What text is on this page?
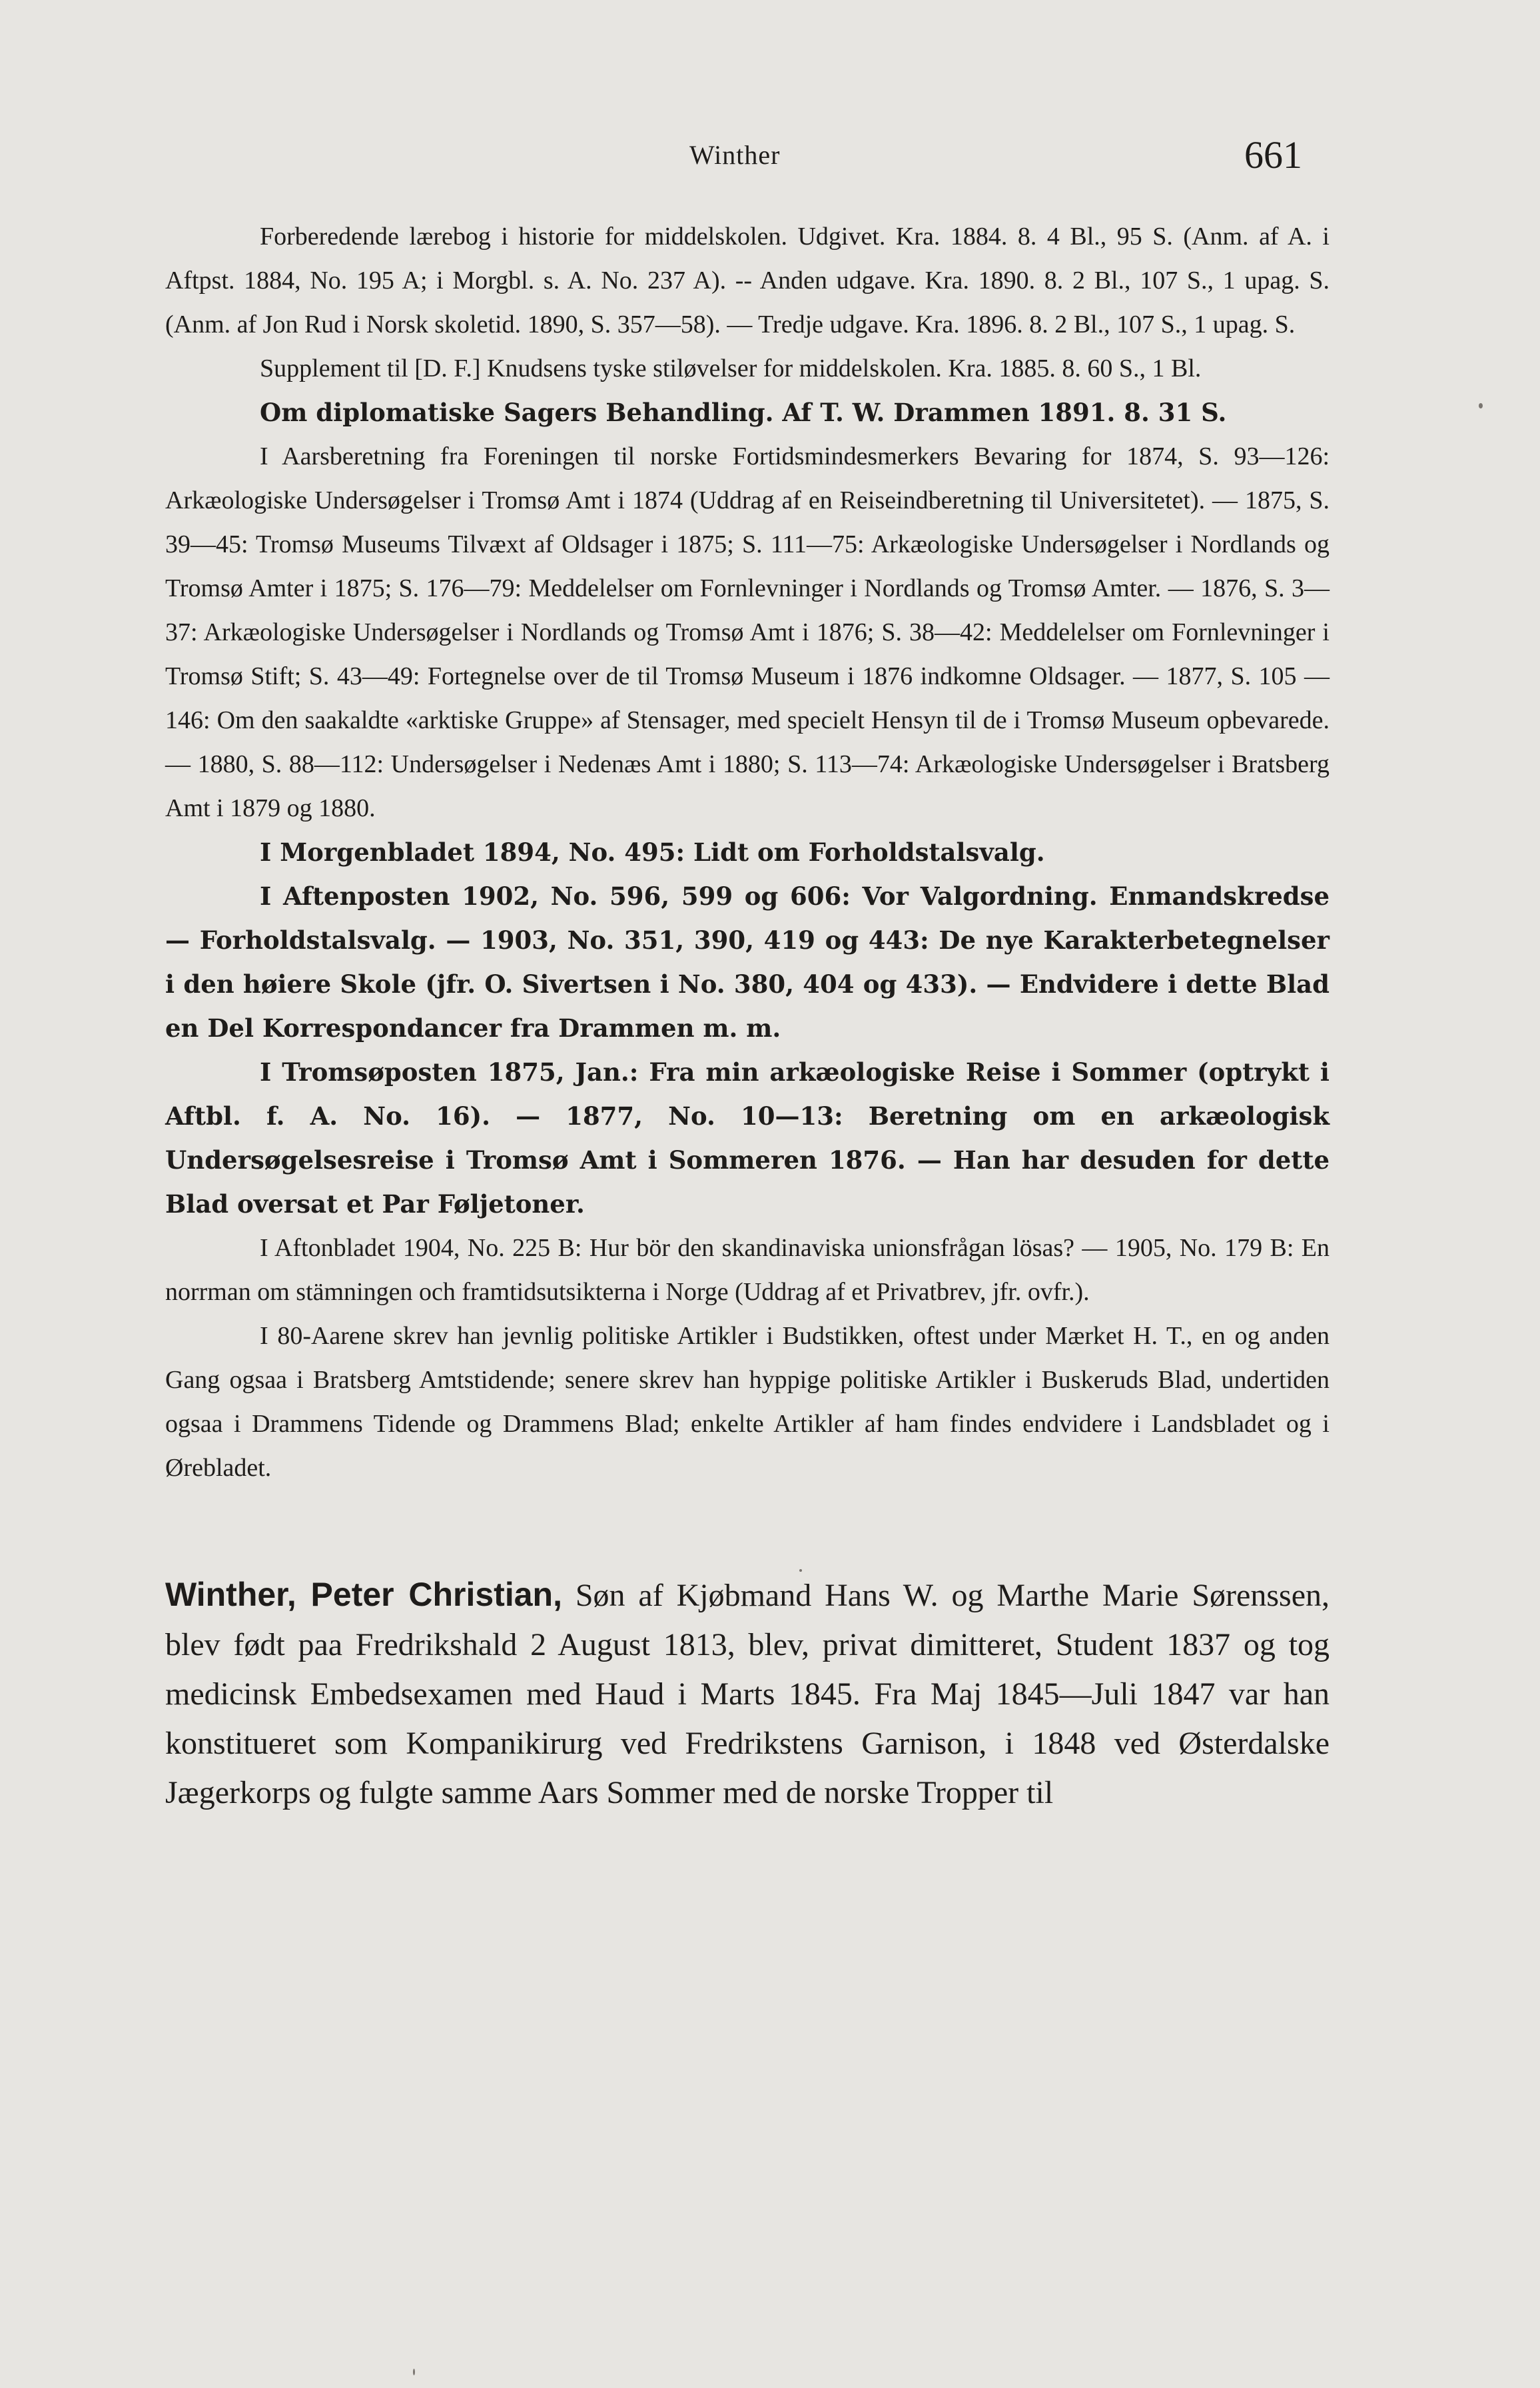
Winther	661

Forberedende lærebog i historie for middelskolen. Udgivet. Kra. 1884. 8. 4 Bl., 95 S. (Anm. af A. i Aftpst. 1884, No. 195 A; i Morgbl. s. A. No. 237 A). -- Anden udgave. Kra. 1890. 8. 2 Bl., 107 S., 1 upag. S. (Anm. af Jon Rud i Norsk skoletid. 1890, S. 357—58). — Tredje udgave. Kra. 1896. 8. 2 Bl., 107 S., 1 upag. S.

Supplement til [D. F.] Knudsens tyske stiløvelser for middelskolen. Kra. 1885. 8. 60 S., 1 Bl.

Om diplomatiske Sagers Behandling. Af T. W. Drammen 1891. 8. 31 S.

I Aarsberetning fra Foreningen til norske Fortidsmindesmerkers Bevaring for 1874, S. 93—126: Arkæologiske Undersøgelser i Tromsø Amt i 1874 (Uddrag af en Reiseindberetning til Universitetet). — 1875, S. 39—45: Tromsø Museums Tilvæxt af Oldsager i 1875; S. 111—75: Arkæologiske Undersøgelser i Nordlands og Tromsø Amter i 1875; S. 176—79: Meddelelser om Fornlevninger i Nordlands og Tromsø Amter. — 1876, S. 3—37: Arkæologiske Undersøgelser i Nordlands og Tromsø Amt i 1876; S. 38—42: Meddelelser om Fornlevninger i Tromsø Stift; S. 43—49: Fortegnelse over de til Tromsø Museum i 1876 indkomne Oldsager. — 1877, S. 105 —146: Om den saakaldte «arktiske Gruppe» af Stensager, med specielt Hensyn til de i Tromsø Museum opbevarede. — 1880, S. 88—112: Undersøgelser i Nedenæs Amt i 1880; S. 113—74: Arkæologiske Undersøgelser i Bratsberg Amt i 1879 og 1880.

I Morgenbladet 1894, No. 495: Lidt om Forholdstalsvalg.

I Aftenposten 1902, No. 596, 599 og 606: Vor Valgordning. Enmandskredse — Forholdstalsvalg. — 1903, No. 351, 390, 419 og 443: De nye Karakterbetegnelser i den høiere Skole (jfr. O. Sivertsen i No. 380, 404 og 433). — Endvidere i dette Blad en Del Korrespondancer fra Drammen m. m.

I Tromsøposten 1875, Jan.: Fra min arkæologiske Reise i Sommer (optrykt i Aftbl. f. A. No. 16). — 1877, No. 10—13: Beretning om en arkæologisk Undersøgelsesreise i Tromsø Amt i Sommeren 1876. — Han har desuden for dette Blad oversat et Par Føljetoner.

I Aftonbladet 1904, No. 225 B: Hur bör den skandinaviska unionsfrågan lösas? — 1905, No. 179 B: En norrman om stämningen och framtidsutsikterna i Norge (Uddrag af et Privatbrev, jfr. ovfr.).

I 80-Aarene skrev han jevnlig politiske Artikler i Budstikken, oftest under Mærket H. T., en og anden Gang ogsaa i Bratsberg Amtstidende; senere skrev han hyppige politiske Artikler i Buskeruds Blad, undertiden ogsaa i Drammens Tidende og Drammens Blad; enkelte Artikler af ham findes endvidere i Landsbladet og i Ørebladet.

Winther, Peter Christian, Søn af Kjøbmand Hans W. og Marthe Marie Sørenssen, blev født paa Fredrikshald 2 August 1813, blev, privat dimitteret, Student 1837 og tog medicinsk Embedsexamen med Haud i Marts 1845. Fra Maj 1845—Juli 1847 var han konstitueret som Kompanikirurg ved Fredrikstens Garnison, i 1848 ved Østerdalske Jægerkorps og fulgte samme Aars Sommer med de norske Tropper til
